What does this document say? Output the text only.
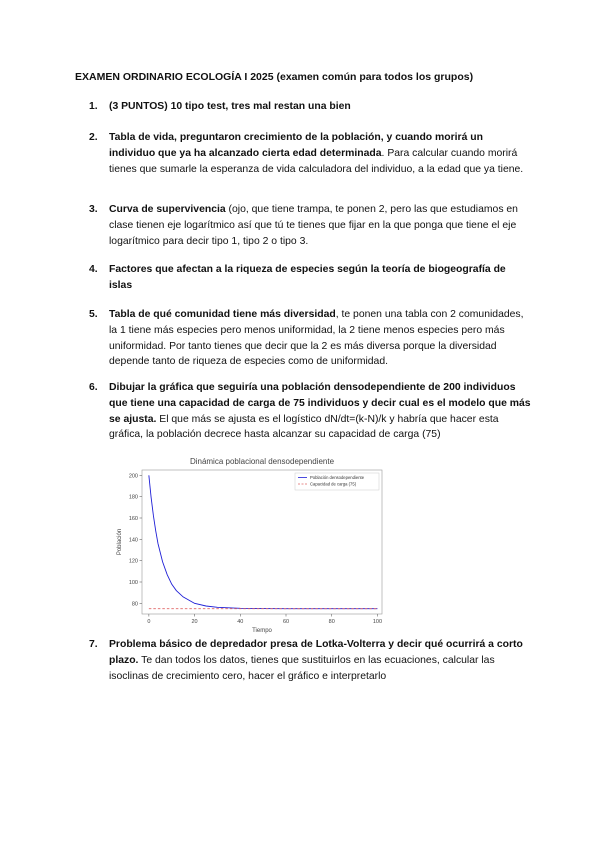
EXAMEN ORDINARIO ECOLOGÍA I 2025 (examen común para todos los grupos)
1. (3 PUNTOS) 10 tipo test, tres mal restan una bien
2. Tabla de vida, preguntaron crecimiento de la población, y cuando morirá un individuo que ya ha alcanzado cierta edad determinada. Para calcular cuando morirá tienes que sumarle la esperanza de vida calculadora del individuo, a la edad que ya tiene.
3. Curva de supervivencia (ojo, que tiene trampa, te ponen 2, pero las que estudiamos en clase tienen eje logarítmico así que tú te tienes que fijar en la que ponga que tiene el eje logarítmico para decir tipo 1, tipo 2 o tipo 3.
4. Factores que afectan a la riqueza de especies según la teoría de biogeografía de islas
5. Tabla de qué comunidad tiene más diversidad, te ponen una tabla con 2 comunidades, la 1 tiene más especies pero menos uniformidad, la 2 tiene menos especies pero más uniformidad. Por tanto tienes que decir que la 2 es más diversa porque la diversidad depende tanto de riqueza de especies como de uniformidad.
6. Dibujar la gráfica que seguiría una población densodependiente de 200 individuos que tiene una capacidad de carga de 75 individuos y decir cual es el modelo que más se ajusta. El que más se ajusta es el logístico dN/dt=(k-N)/k y habría que hacer esta gráfica, la población decrece hasta alcanzar su capacidad de carga (75)
Dinámica poblacional densodependiente
0	20	40	60	80	100
80
100
120
140
160
180
200
Tiempo
Población
Población densodependiente
Capacidad de carga (75)
7. Problema básico de depredador presa de Lotka-Volterra y decir qué ocurrirá a corto plazo. Te dan todos los datos, tienes que sustituirlos en las ecuaciones, calcular las isoclinas de crecimiento cero, hacer el gráfico e interpretarlo
